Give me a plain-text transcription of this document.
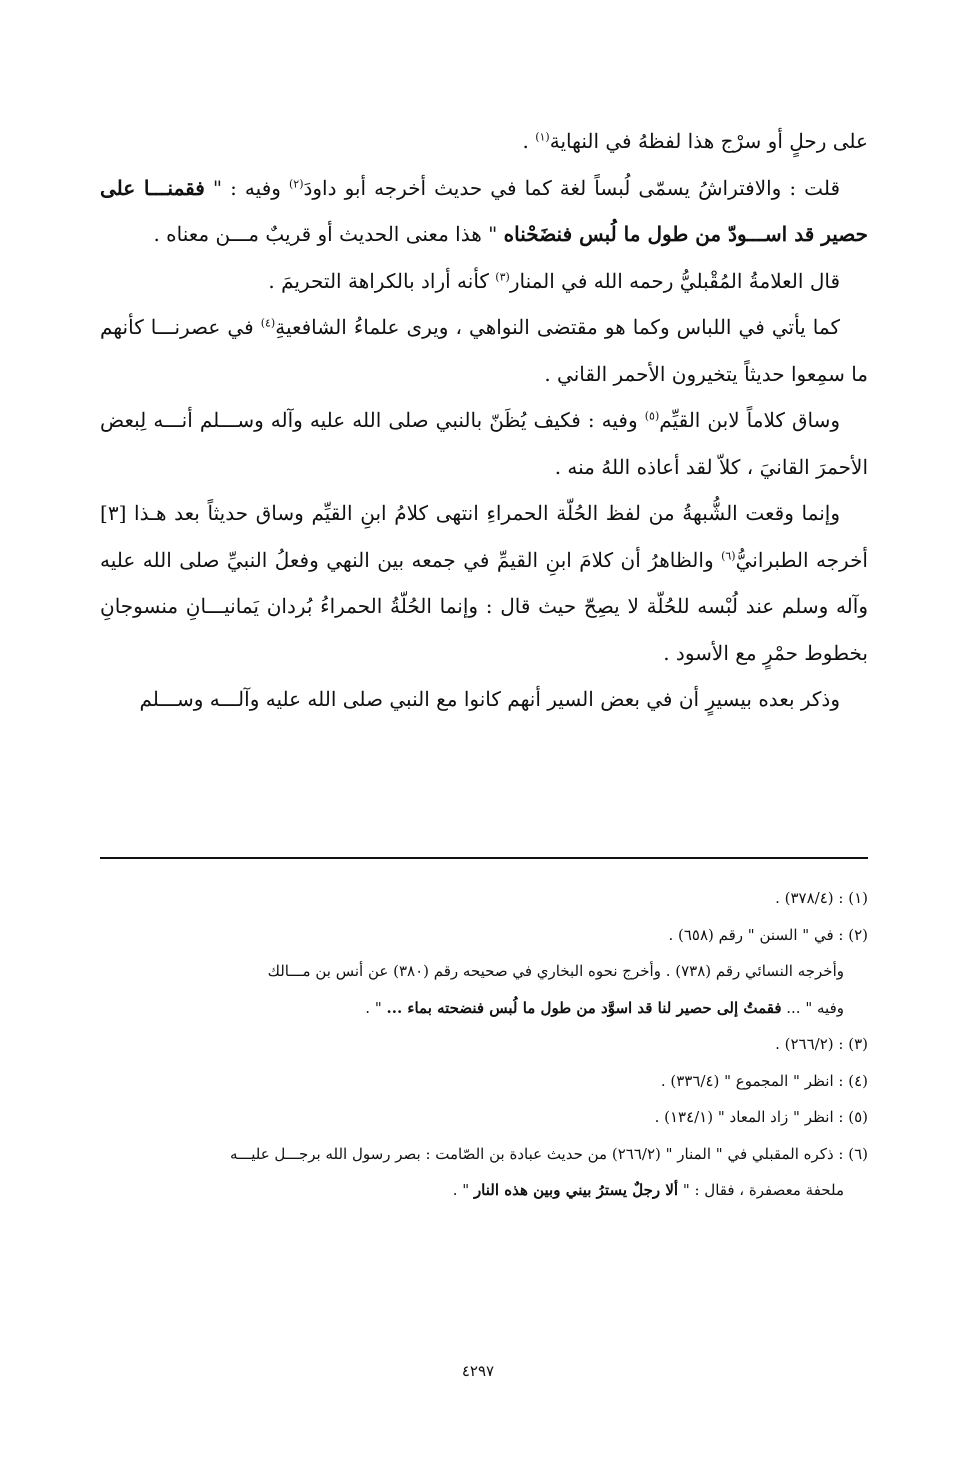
على رحلٍ أو سرْج هذا لفظهُ في النهاية$^{(١)}$ .

قلت : والافتراشُ يسمّى لُبساً لغة كما في حديث أخرجه أبو داودَ$^{(٢)}$ وفيه : " فقمنـــا على حصير قد اســـودّ من طول ما لُبس فنضَحْناه " هذا معنى الحديث أو قريبٌ مـــن معناه .

قال العلامةُ المُقْبليُّ رحمه الله في المنار$^{(٣)}$ كأنه أراد بالكراهة التحريمَ .

كما يأتي في اللباس وكما هو مقتضى النواهي ، ويرى علماءُ الشافعيةِ$^{(٤)}$ في عصرنـــا كأنهم ما سمِعوا حديثاً يتخيرون الأحمر القاني .

وساق كلاماً لابن القيِّم$^{(٥)}$ وفيه : فكيف يُظَنّ بالنبي صلى الله عليه وآله وســـلم أنـــه لِبعض الأحمرَ القانيَ ، كلاّ لقد أعاذه اللهُ منه .

وإنما وقعت الشُّبهةُ من لفظ الحُلّة الحمراءِ انتهى كلامُ ابنِ القيِّم وساق حديثاً بعد هـذا [٣] أخرجه الطبرانيُّ$^{(٦)}$ والظاهرُ أن كلامَ ابنِ القيمِّ في جمعه بين النهي وفعلُ النبيِّ صلى الله عليه وآله وسلم عند لُبْسه للحُلّة لا يصِحّ حيث قال : وإنما الحُلّةُ الحمراءُ بُردان يَمانيـــانِ منسوجانِ بخطوط حمْرٍ مع الأسود .

وذكر بعده بيسيرٍ أن في بعض السير أنهم كانوا مع النبي صلى الله عليه وآلـــه وســـلم

(١) : (٣٧٨/٤) .

(٢) : في " السنن " رقم (٦٥٨) .

وأخرجه النسائي رقم (٧٣٨) . وأخرج نحوه البخاري في صحيحه رقم (٣٨٠) عن أنس بن مـــالك

وفيه " ... فقمتُ إلى حصير لنا قد اسوَّد من طول ما لُبس فنضحته بماء ... " .

(٣) : (٢٦٦/٢) .

(٤) : انظر " المجموع " (٣٣٦/٤) .

(٥) : انظر " زاد المعاد " (١٣٤/١) .

(٦) : ذكره المقبلي في " المنار " (٢٦٦/٢) من حديث عبادة بن الصّامت : بصر رسول الله برجـــل عليـــه

ملحفة معصفرة ، فقال : " ألا رجلٌ يسترُ بيني وبين هذه النار " .

٤٢٩٧
